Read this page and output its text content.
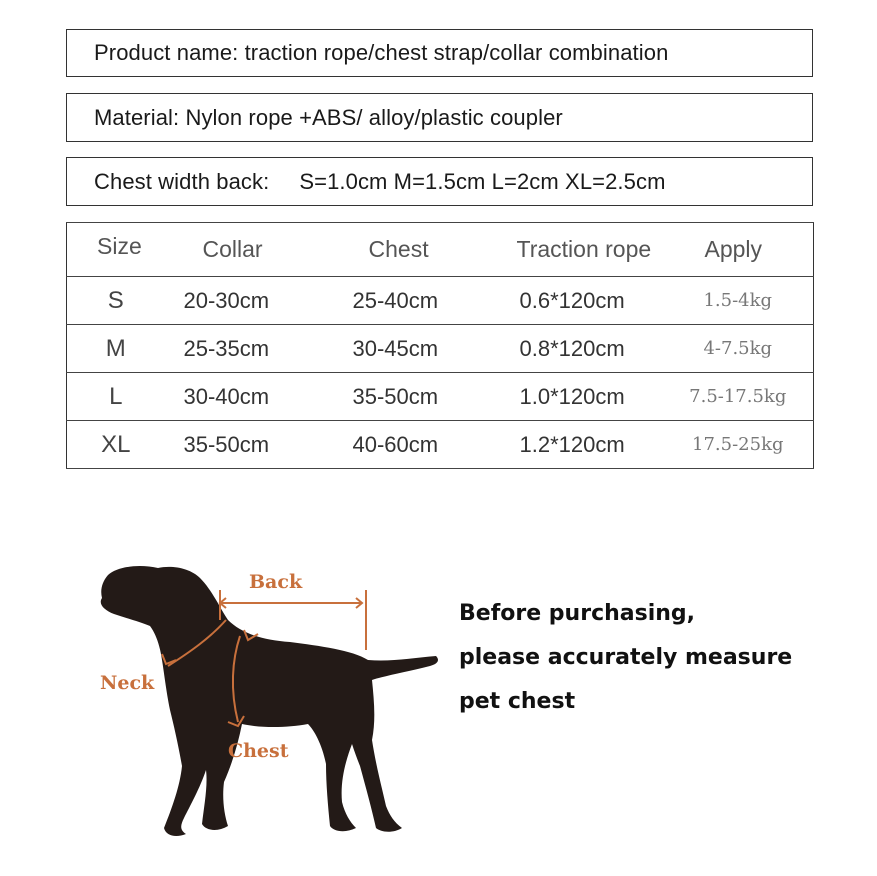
Product name: traction rope/chest strap/collar combination
Material: Nylon rope +ABS/ alloy/plastic coupler
Chest width back: S=1.0cm M=1.5cm L=2cm XL=2.5cm
Size	Collar	Chest	Traction rope	Apply
S	20-30cm	25-40cm	0.6*120cm	1.5-4kg
M	25-35cm	30-45cm	0.8*120cm	4-7.5kg
L	30-40cm	35-50cm	1.0*120cm	7.5-17.5kg
XL	35-50cm	40-60cm	1.2*120cm	17.5-25kg
Back
Neck
Chest
Before purchasing,
please accurately measure
pet chest
